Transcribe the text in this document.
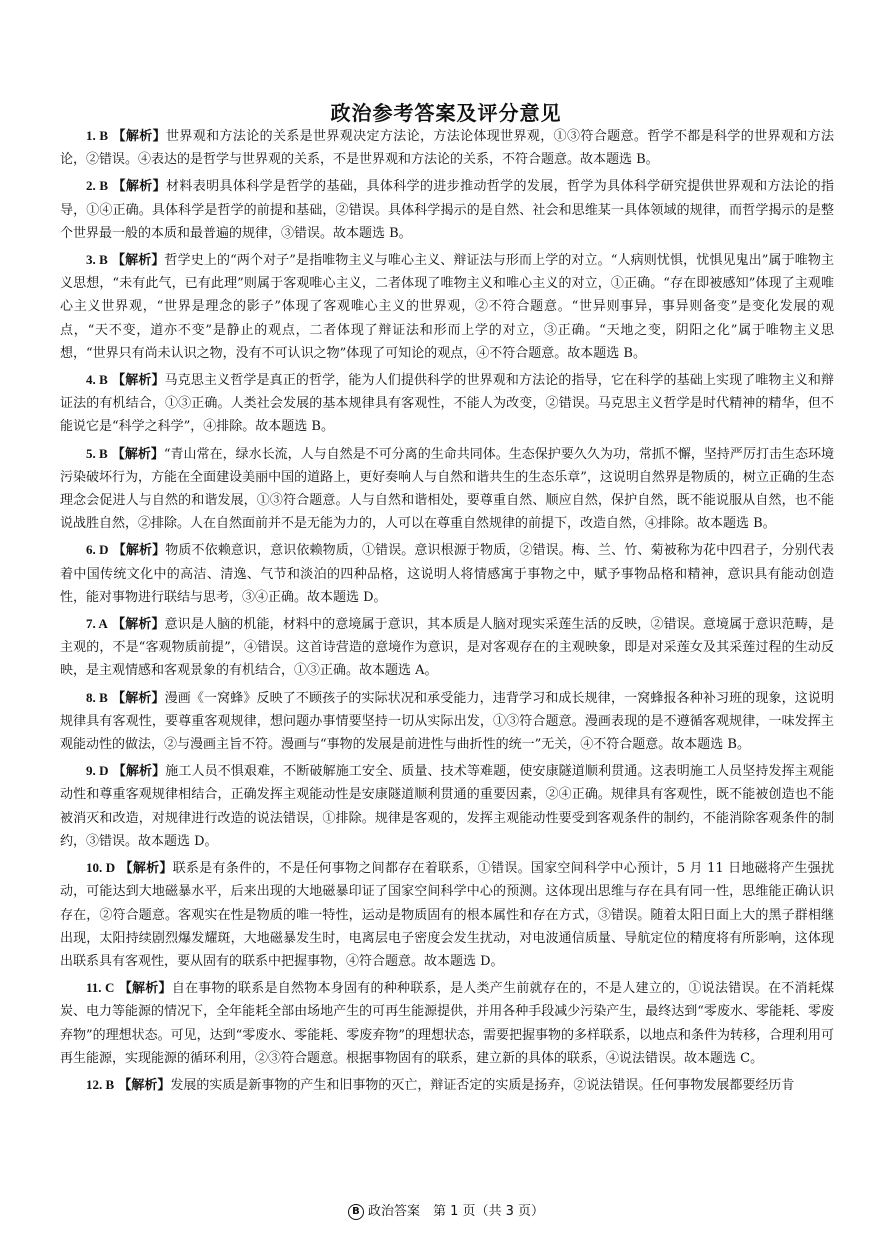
政治参考答案及评分意见

1. B 【解析】世界观和方法论的关系是世界观决定方法论，方法论体现世界观，①③符合题意。哲学不都是科学的世界观和方法论，②错误。④表达的是哲学与世界观的关系，不是世界观和方法论的关系，不符合题意。故本题选 B。

2. B 【解析】材料表明具体科学是哲学的基础，具体科学的进步推动哲学的发展，哲学为具体科学研究提供世界观和方法论的指导，①④正确。具体科学是哲学的前提和基础，②错误。具体科学揭示的是自然、社会和思维某一具体领域的规律，而哲学揭示的是整个世界最一般的本质和最普遍的规律，③错误。故本题选 B。

3. B 【解析】哲学史上的“两个对子”是指唯物主义与唯心主义、辩证法与形而上学的对立。“人病则忧惧，忧惧见鬼出”属于唯物主义思想，“未有此气，已有此理”则属于客观唯心主义，二者体现了唯物主义和唯心主义的对立，①正确。“存在即被感知”体现了主观唯心主义世界观，“世界是理念的影子”体现了客观唯心主义的世界观，②不符合题意。“世异则事异，事异则备变”是变化发展的观点，“天不变，道亦不变”是静止的观点，二者体现了辩证法和形而上学的对立，③正确。“天地之变，阴阳之化”属于唯物主义思想，“世界只有尚未认识之物，没有不可认识之物”体现了可知论的观点，④不符合题意。故本题选 B。

4. B 【解析】马克思主义哲学是真正的哲学，能为人们提供科学的世界观和方法论的指导，它在科学的基础上实现了唯物主义和辩证法的有机结合，①③正确。人类社会发展的基本规律具有客观性，不能人为改变，②错误。马克思主义哲学是时代精神的精华，但不能说它是“科学之科学”，④排除。故本题选 B。

5. B 【解析】“青山常在，绿水长流，人与自然是不可分离的生命共同体。生态保护要久久为功，常抓不懈，坚持严厉打击生态环境污染破坏行为，方能在全面建设美丽中国的道路上，更好奏响人与自然和谐共生的生态乐章”，这说明自然界是物质的，树立正确的生态理念会促进人与自然的和谐发展，①③符合题意。人与自然和谐相处，要尊重自然、顺应自然，保护自然，既不能说服从自然，也不能说战胜自然，②排除。人在自然面前并不是无能为力的，人可以在尊重自然规律的前提下，改造自然，④排除。故本题选 B。

6. D 【解析】物质不依赖意识，意识依赖物质，①错误。意识根源于物质，②错误。梅、兰、竹、菊被称为花中四君子，分别代表着中国传统文化中的高洁、清逸、气节和淡泊的四种品格，这说明人将情感寓于事物之中，赋予事物品格和精神，意识具有能动创造性，能对事物进行联结与思考，③④正确。故本题选 D。

7. A 【解析】意识是人脑的机能，材料中的意境属于意识，其本质是人脑对现实采莲生活的反映，②错误。意境属于意识范畴，是主观的，不是“客观物质前提”，④错误。这首诗营造的意境作为意识，是对客观存在的主观映象，即是对采莲女及其采莲过程的生动反映，是主观情感和客观景象的有机结合，①③正确。故本题选 A。

8. B 【解析】漫画《一窝蜂》反映了不顾孩子的实际状况和承受能力，违背学习和成长规律，一窝蜂报各种补习班的现象，这说明规律具有客观性，要尊重客观规律，想问题办事情要坚持一切从实际出发，①③符合题意。漫画表现的是不遵循客观规律，一味发挥主观能动性的做法，②与漫画主旨不符。漫画与“事物的发展是前进性与曲折性的统一”无关，④不符合题意。故本题选 B。

9. D 【解析】施工人员不惧艰难，不断破解施工安全、质量、技术等难题，使安康隧道顺利贯通。这表明施工人员坚持发挥主观能动性和尊重客观规律相结合，正确发挥主观能动性是安康隧道顺利贯通的重要因素，②④正确。规律具有客观性，既不能被创造也不能被消灭和改造，对规律进行改造的说法错误，①排除。规律是客观的，发挥主观能动性要受到客观条件的制约，不能消除客观条件的制约，③错误。故本题选 D。

10. D 【解析】联系是有条件的，不是任何事物之间都存在着联系，①错误。国家空间科学中心预计，5 月 11 日地磁将产生强扰动，可能达到大地磁暴水平，后来出现的大地磁暴印证了国家空间科学中心的预测。这体现出思维与存在具有同一性，思维能正确认识存在，②符合题意。客观实在性是物质的唯一特性，运动是物质固有的根本属性和存在方式，③错误。随着太阳日面上大的黑子群相继出现，太阳持续剧烈爆发耀斑，大地磁暴发生时，电离层电子密度会发生扰动，对电波通信质量、导航定位的精度将有所影响，这体现出联系具有客观性，要从固有的联系中把握事物，④符合题意。故本题选 D。

11. C 【解析】自在事物的联系是自然物本身固有的种种联系，是人类产生前就存在的，不是人建立的，①说法错误。在不消耗煤炭、电力等能源的情况下，全年能耗全部由场地产生的可再生能源提供，并用各种手段减少污染产生，最终达到“零废水、零能耗、零废弃物”的理想状态。可见，达到“零废水、零能耗、零废弃物”的理想状态，需要把握事物的多样联系，以地点和条件为转移，合理利用可再生能源，实现能源的循环利用，②③符合题意。根据事物固有的联系，建立新的具体的联系，④说法错误。故本题选 C。

12. B 【解析】发展的实质是新事物的产生和旧事物的灭亡，辩证否定的实质是扬弃，②说法错误。任何事物发展都要经历肯

B 政治答案　第 1 页（共 3 页）
